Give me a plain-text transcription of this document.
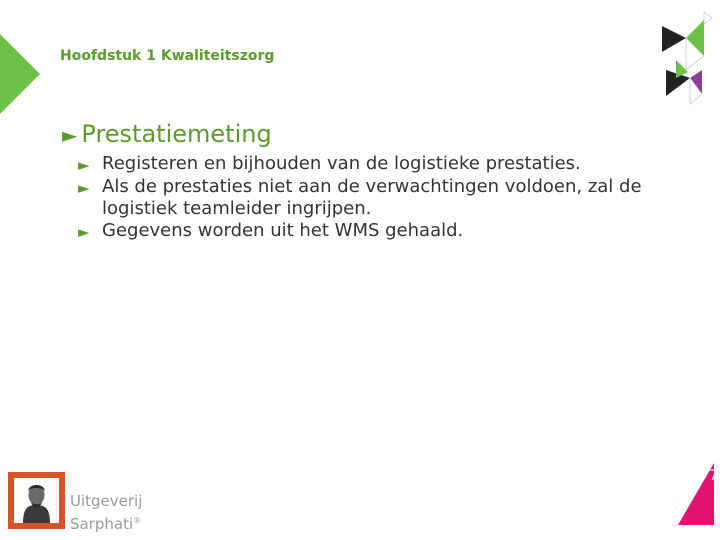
Hoofdstuk 1 Kwaliteitszorg
► Prestatiemeting
► Registeren en bijhouden van de logistieke prestaties.
► Als de prestaties niet aan de verwachtingen voldoen, zal de logistiek teamleider ingrijpen.
► Gegevens worden uit het WMS gehaald.
Uitgeverij
Sarphati®
7
